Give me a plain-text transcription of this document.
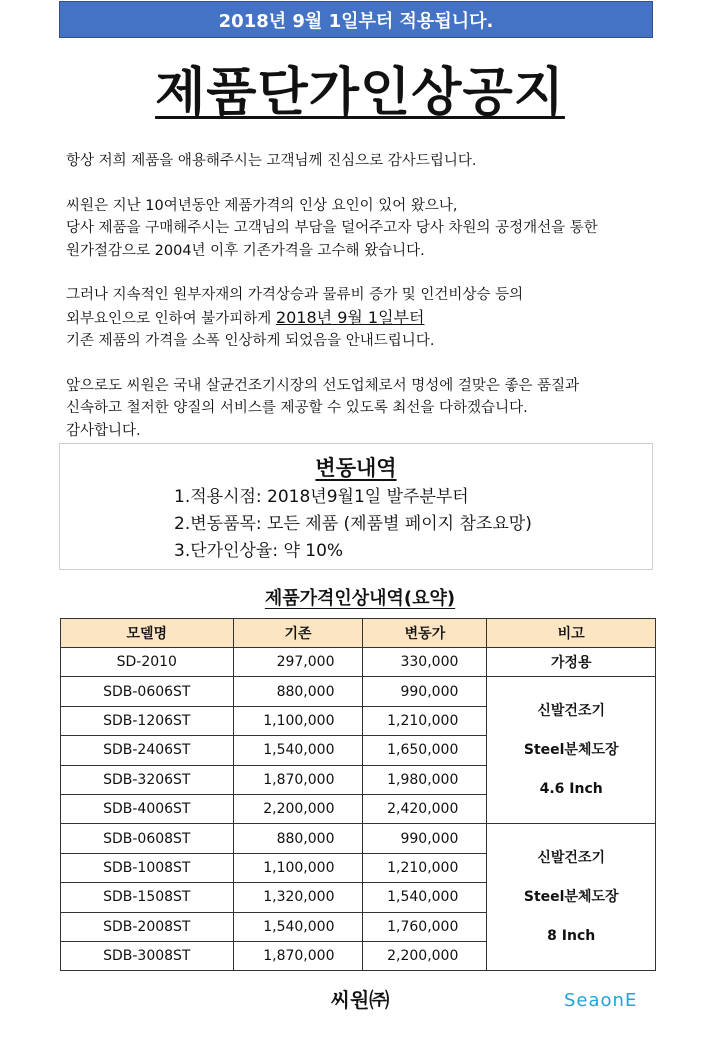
2018년 9월 1일부터 적용됩니다.
제품단가인상공지

항상 저희 제품을 애용해주시는 고객님께 진심으로 감사드립니다.

씨원은 지난 10여년동안 제품가격의 인상 요인이 있어 왔으나,
당사 제품을 구매해주시는 고객님의 부담을 덜어주고자 당사 차원의 공정개선을 통한
원가절감으로 2004년 이후 기존가격을 고수해 왔습니다.

그러나 지속적인 원부자재의 가격상승과 물류비 증가 및 인건비상승 등의
외부요인으로 인하여 불가피하게 2018년 9월 1일부터
기존 제품의 가격을 소폭 인상하게 되었음을 안내드립니다.

앞으로도 씨원은 국내 살균건조기시장의 선도업체로서 명성에 걸맞은 좋은 품질과
신속하고 철저한 양질의 서비스를 제공할 수 있도록 최선을 다하겠습니다.
감사합니다.

변동내역
1.적용시점: 2018년9월1일 발주분부터
2.변동품목: 모든 제품 (제품별 페이지 참조요망)
3.단가인상율: 약 10%
제품가격인상내역(요약)
모델명	기존	변동가	비고
SD-2010	297,000	330,000	가정용
SDB-0606ST	880,000	990,000	신발건조기
Steel분체도장
4.6 Inch

SDB-1206ST	1,100,000	1,210,000	
SDB-2406ST	1,540,000	1,650,000	
SDB-3206ST	1,870,000	1,980,000	
SDB-4006ST	2,200,000	2,420,000	
SDB-0608ST	880,000	990,000	신발건조기
Steel분체도장
8 Inch

SDB-1008ST	1,100,000	1,210,000	
SDB-1508ST	1,320,000	1,540,000	
SDB-2008ST	1,540,000	1,760,000	
SDB-3008ST	1,870,000	2,200,000	
씨원㈜	SeaonE
